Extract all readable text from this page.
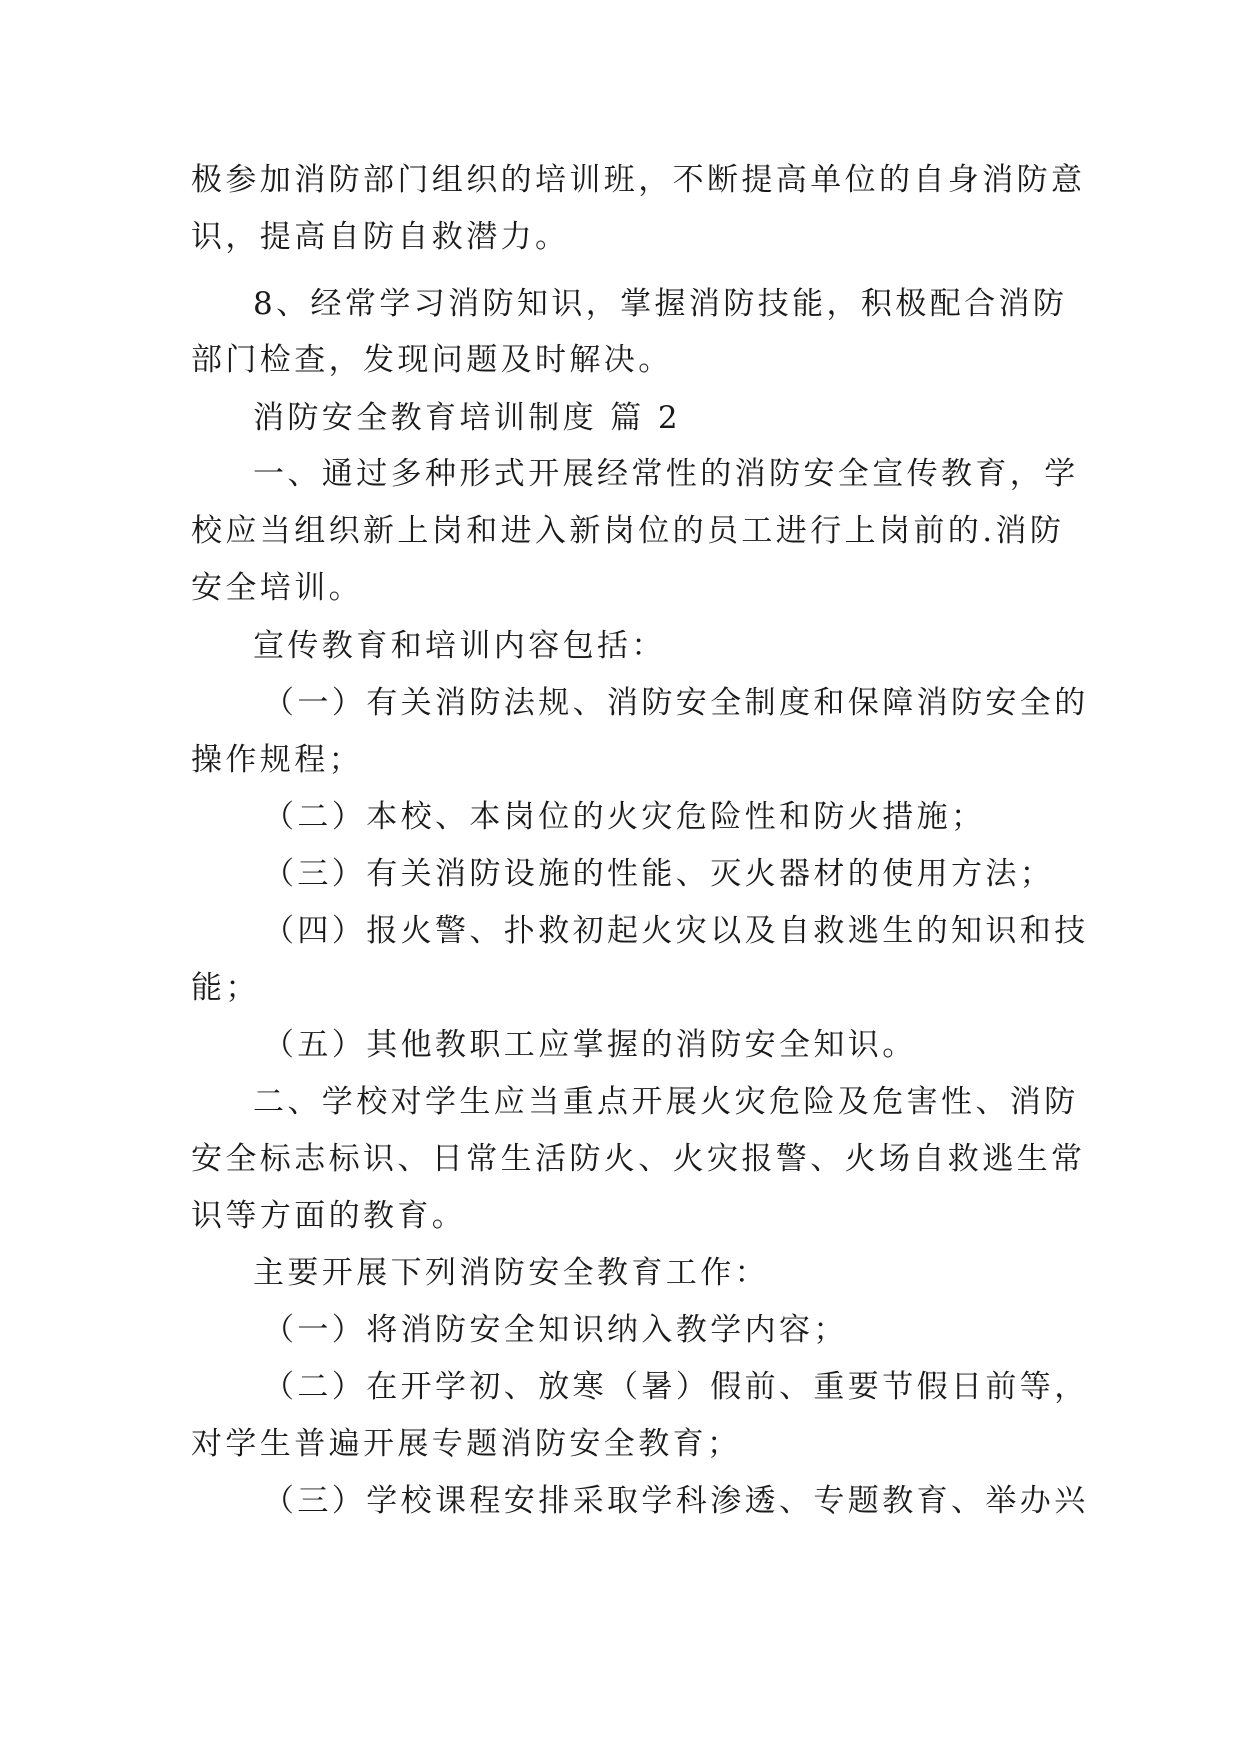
极参加消防部门组织的培训班，不断提高单位的自身消防意
识，提高自防自救潜力。
8、经常学习消防知识，掌握消防技能，积极配合消防
部门检查，发现问题及时解决。
消防安全教育培训制度 篇 2
一、通过多种形式开展经常性的消防安全宣传教育，学
校应当组织新上岗和进入新岗位的员工进行上岗前的.消防
安全培训。
宣传教育和培训内容包括：
（一）有关消防法规、消防安全制度和保障消防安全的
操作规程；
（二）本校、本岗位的火灾危险性和防火措施；
（三）有关消防设施的性能、灭火器材的使用方法；
（四）报火警、扑救初起火灾以及自救逃生的知识和技
能；
（五）其他教职工应掌握的消防安全知识。
二、学校对学生应当重点开展火灾危险及危害性、消防
安全标志标识、日常生活防火、火灾报警、火场自救逃生常
识等方面的教育。
主要开展下列消防安全教育工作：
（一）将消防安全知识纳入教学内容；
（二）在开学初、放寒（暑）假前、重要节假日前等，
对学生普遍开展专题消防安全教育；
（三）学校课程安排采取学科渗透、专题教育、举办兴
